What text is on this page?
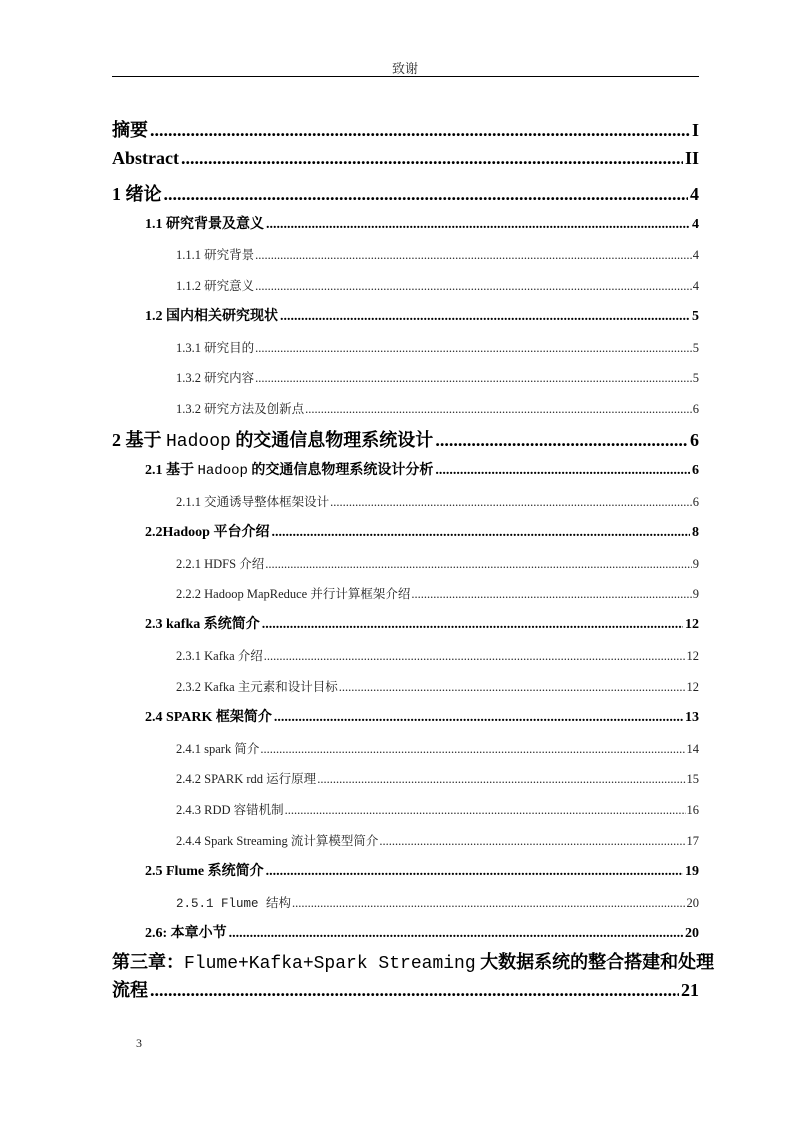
致谢
摘要 .....	I
Abstract .....	II
1 绪论 .....	4
1.1 研究背景及意义 .....	4
1.1.1 研究背景 .....	4
1.1.2 研究意义 .....	4
1.2 国内相关研究现状 .....	5
1.3.1 研究目的 .....	5
1.3.2 研究内容 .....	5
1.3.2 研究方法及创新点 .....	6
2 基于 Hadoop 的交通信息物理系统设计 .....	6
2.1 基于 Hadoop 的交通信息物理系统设计分析 .....	6
2.1.1 交通诱导整体框架设计 .....	6
2.2Hadoop 平台介绍 .....	8
2.2.1 HDFS 介绍 .....	9
2.2.2 Hadoop MapReduce 并行计算框架介绍 .....	9
2.3 kafka 系统简介 .....	12
2.3.1 Kafka 介绍 .....	12
2.3.2 Kafka 主元素和设计目标 .....	12
2.4 SPARK 框架简介 .....	13
2.4.1 spark 简介 .....	14
2.4.2 SPARK rdd 运行原理 .....	15
2.4.3 RDD 容错机制 .....	16
2.4.4 Spark Streaming 流计算模型简介 .....	17
2.5 Flume 系统简介 .....	19
2.5.1 Flume 结构 .....	20
2.6: 本章小节 .....	20
第三章：Flume+Kafka+Spark Streaming 大数据系统的整合搭建和处理
流程 .....	21
3
